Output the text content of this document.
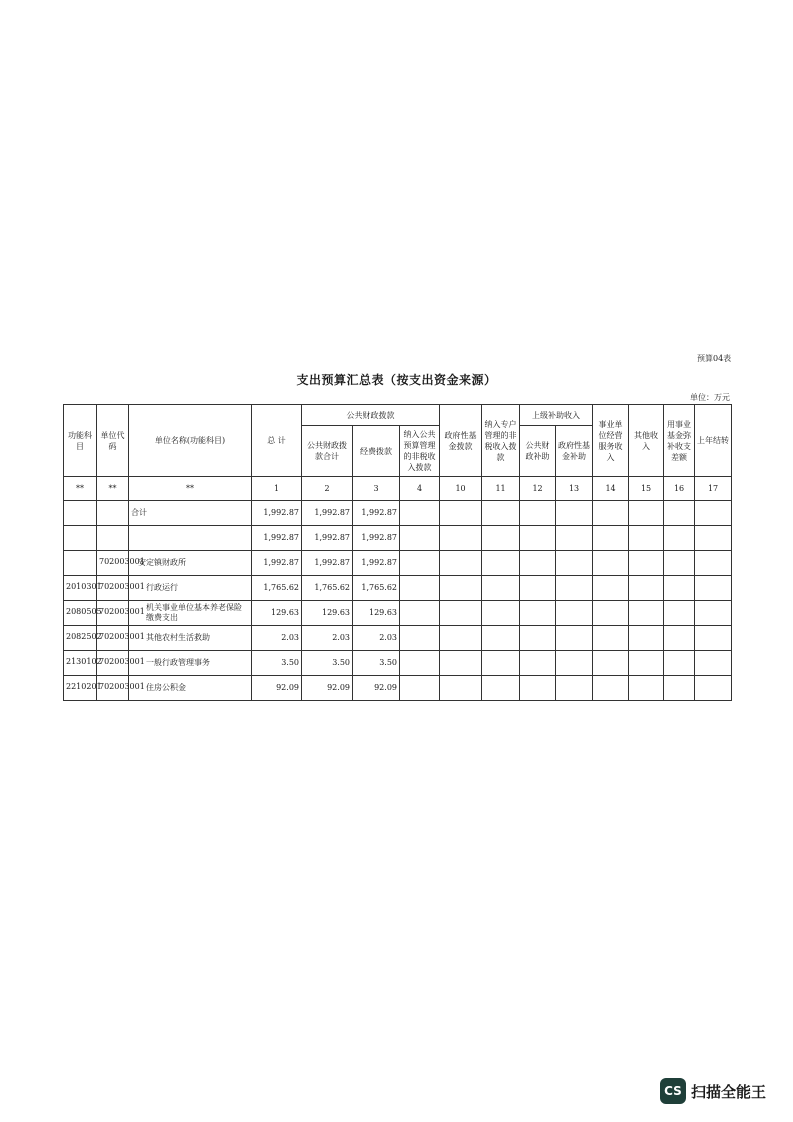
预算04表
支出预算汇总表（按支出资金来源）
单位：万元
功能科目	单位代码	单位名称(功能科目)	总 计	公共财政拨款			政府性基金拨款	纳入专户管理的非税收入拨款	上级补助收入		事业单位经营服务收入	其他收入	用事业基金弥补收支差额	上年结转
				公共财政拨款合计	经费拨款	纳入公共预算管理的非税收入拨款			公共财政补助	政府性基金补助				
**	**	**	1	2	3	4	10	11	12	13	14	15	16	17
		合计	1,992.87	1,992.87	1,992.87									
			1,992.87	1,992.87	1,992.87									
	702003001	安定镇财政所	1,992.87	1,992.87	1,992.87									
2010301	702003001	行政运行	1,765.62	1,765.62	1,765.62									
2080505	702003001	机关事业单位基本养老保险缴费支出	129.63	129.63	129.63									
2082502	702003001	其他农村生活救助	2.03	2.03	2.03									
2130102	702003001	一般行政管理事务	3.50	3.50	3.50									
2210201	702003001	住房公积金	92.09	92.09	92.09									
CS 扫描全能王
